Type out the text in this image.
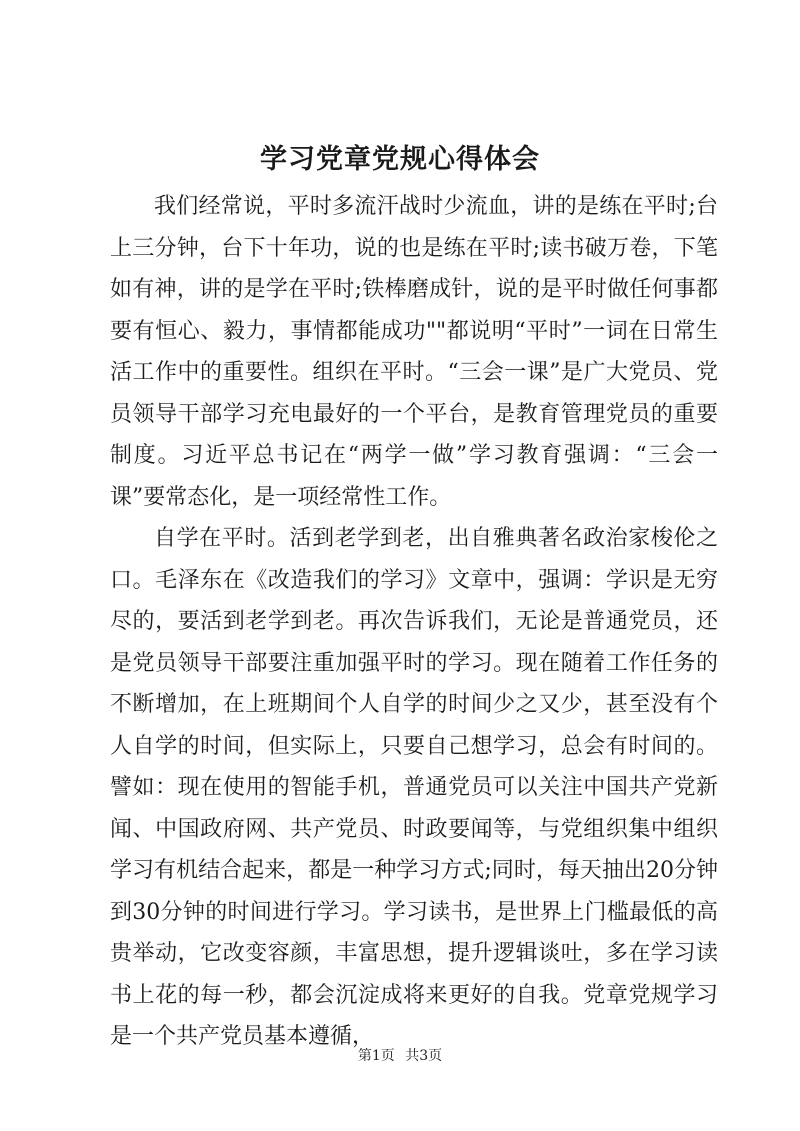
学习党章党规心得体会

我们经常说，平时多流汗战时少流血，讲的是练在平时;台上三分钟，台下十年功，说的也是练在平时;读书破万卷，下笔如有神，讲的是学在平时;铁棒磨成针，说的是平时做任何事都要有恒心、毅力，事情都能成功""都说明“平时”一词在日常生活工作中的重要性。组织在平时。“三会一课”是广大党员、党员领导干部学习充电最好的一个平台，是教育管理党员的重要制度。习近平总书记在“两学一做”学习教育强调：“三会一课”要常态化，是一项经常性工作。

自学在平时。活到老学到老，出自雅典著名政治家梭伦之口。毛泽东在《改造我们的学习》文章中，强调：学识是无穷尽的，要活到老学到老。再次告诉我们，无论是普通党员，还是党员领导干部要注重加强平时的学习。现在随着工作任务的不断增加，在上班期间个人自学的时间少之又少，甚至没有个人自学的时间，但实际上，只要自己想学习，总会有时间的。譬如：现在使用的智能手机，普通党员可以关注中国共产党新闻、中国政府网、共产党员、时政要闻等，与党组织集中组织学习有机结合起来，都是一种学习方式;同时，每天抽出20分钟到30分钟的时间进行学习。学习读书，是世界上门槛最低的高贵举动，它改变容颜，丰富思想，提升逻辑谈吐，多在学习读书上花的每一秒，都会沉淀成将来更好的自我。党章党规学习是一个共产党员基本遵循，

第1页 共3页
